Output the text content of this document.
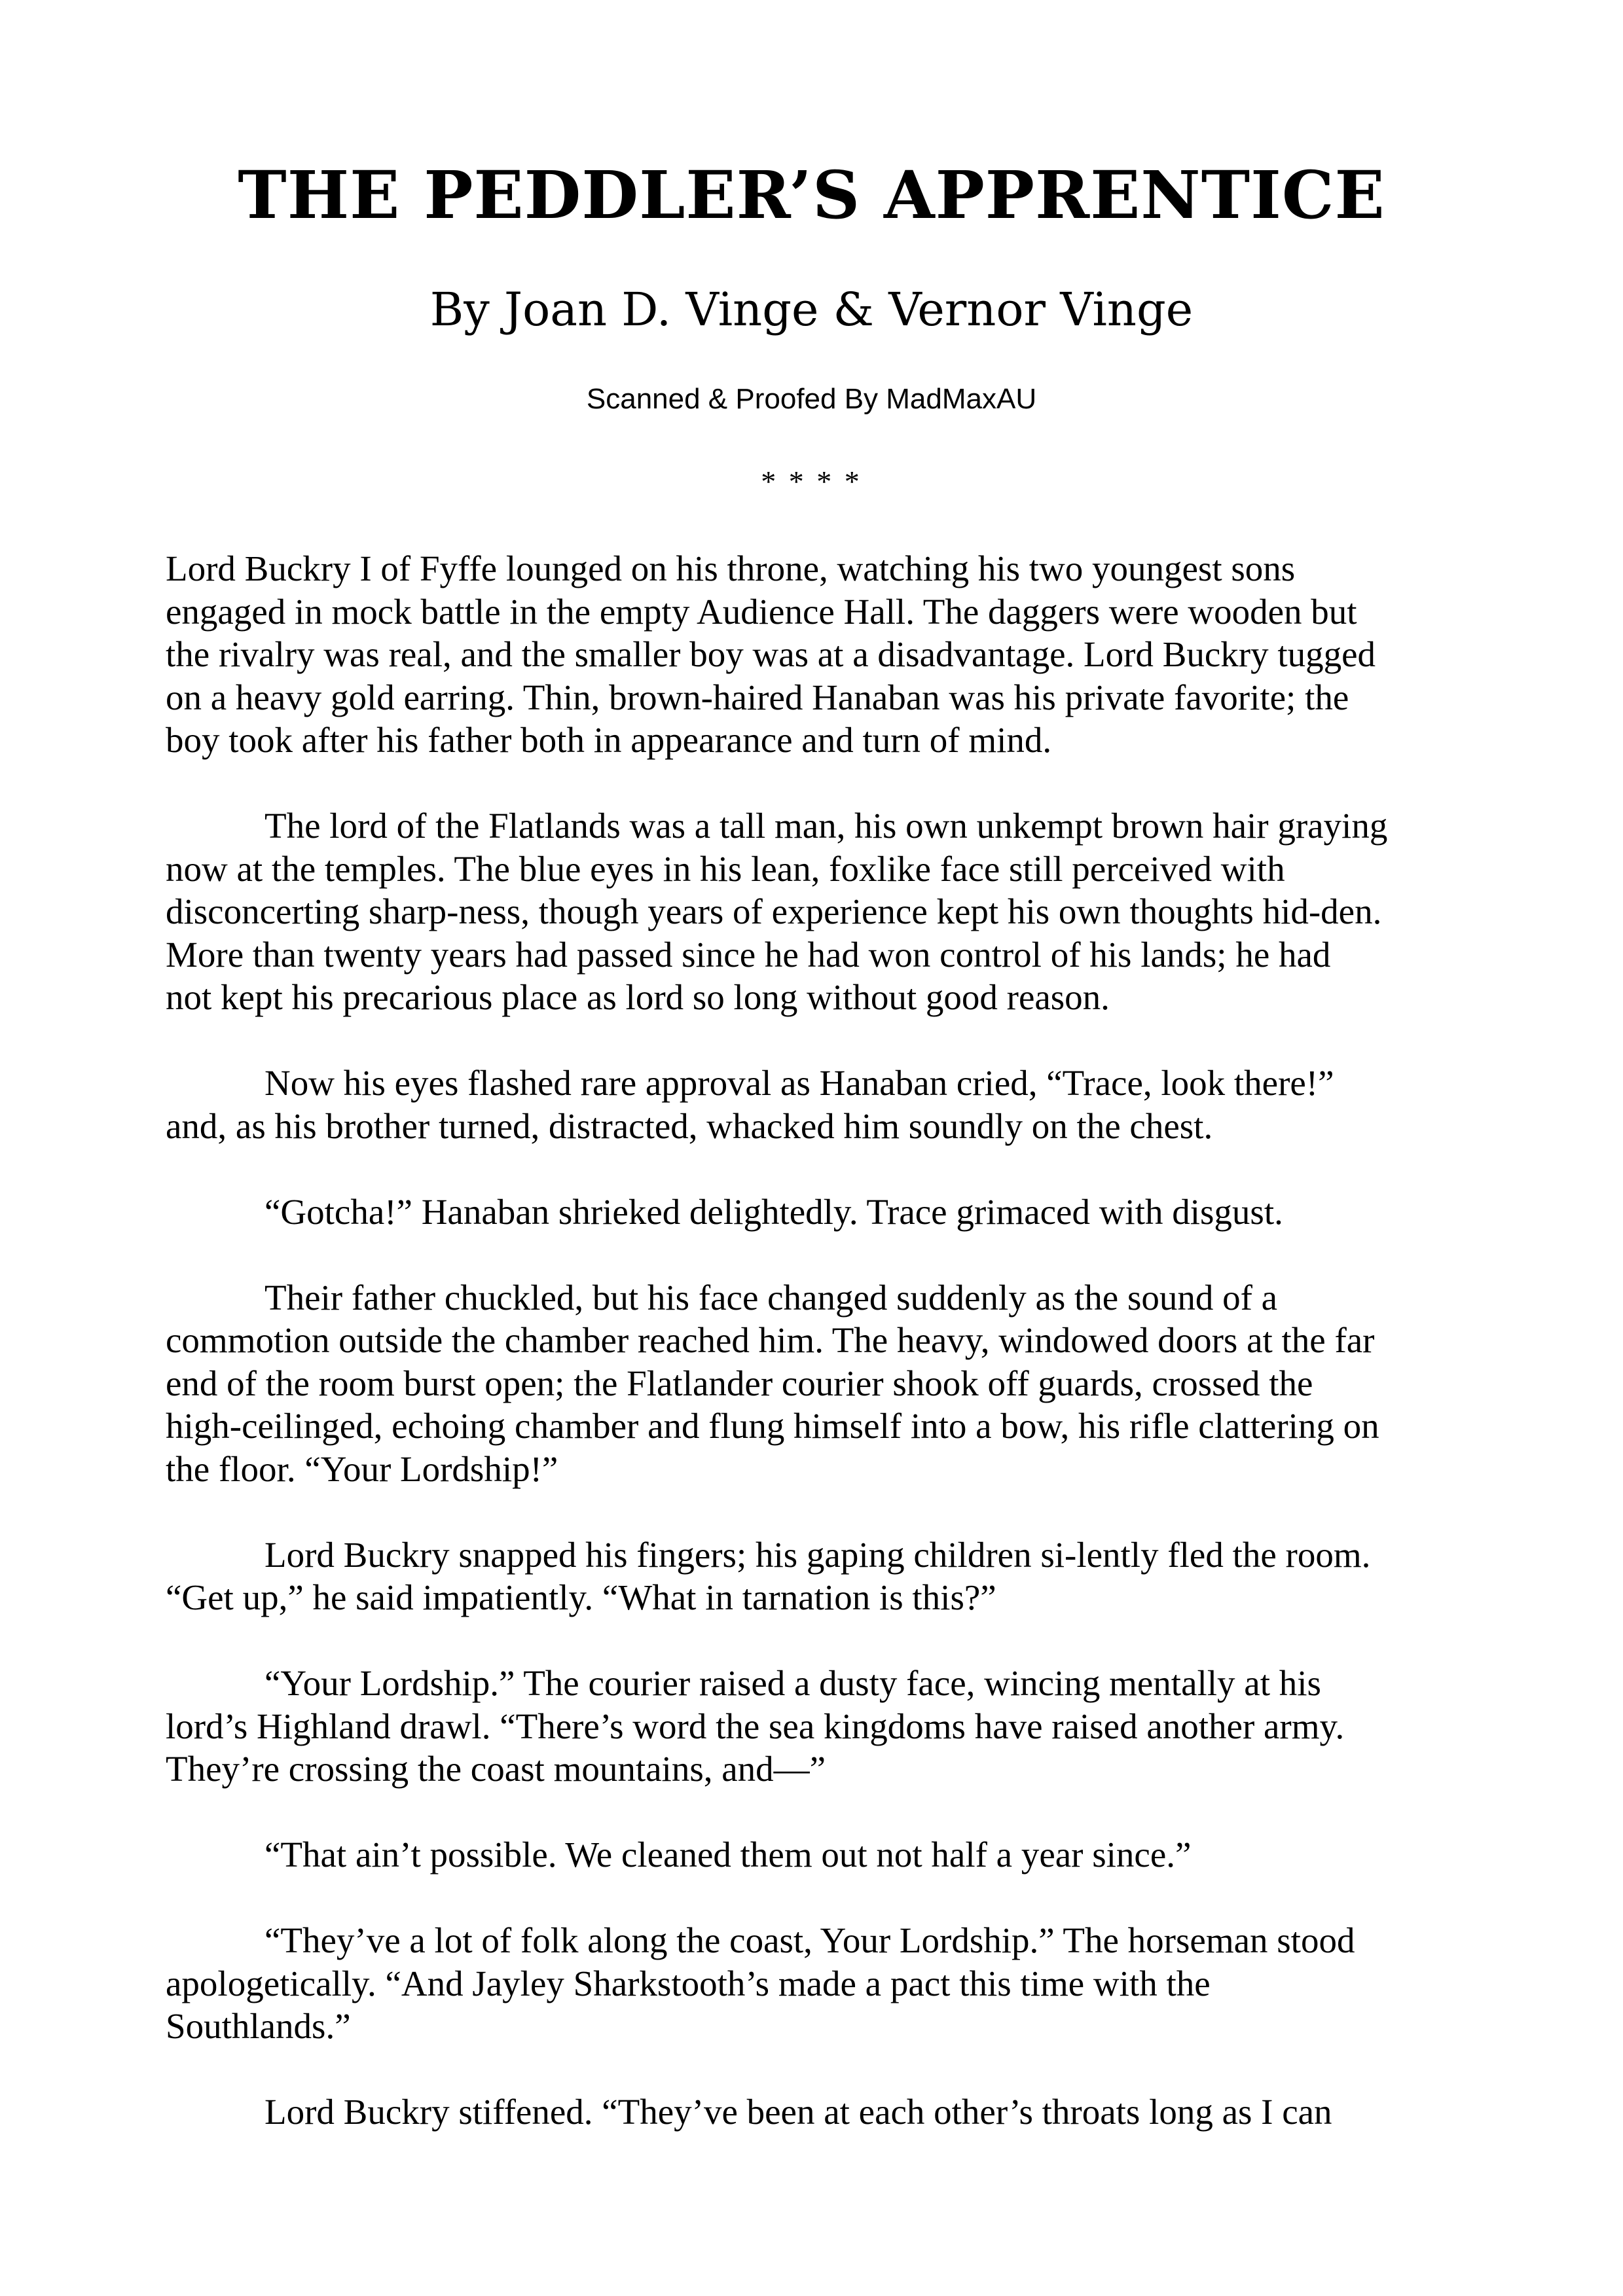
THE PEDDLER’S APPRENTICE
By Joan D. Vinge & Vernor Vinge
Scanned & Proofed By MadMaxAU
* * * *

Lord Buckry I of Fyffe lounged on his throne, watching his two youngest sons
engaged in mock battle in the empty Audience Hall. The daggers were wooden but
the rivalry was real, and the smaller boy was at a disadvantage. Lord Buckry tugged
on a heavy gold earring. Thin, brown-haired Hanaban was his private favorite; the
boy took after his father both in appearance and turn of mind.

The lord of the Flatlands was a tall man, his own unkempt brown hair graying
now at the temples. The blue eyes in his lean, foxlike face still perceived with
disconcerting sharp-ness, though years of experience kept his own thoughts hid-den.
More than twenty years had passed since he had won control of his lands; he had
not kept his precarious place as lord so long without good reason.

Now his eyes flashed rare approval as Hanaban cried, “Trace, look there!”
and, as his brother turned, distracted, whacked him soundly on the chest.

“Gotcha!” Hanaban shrieked delightedly. Trace grimaced with disgust.

Their father chuckled, but his face changed suddenly as the sound of a
commotion outside the chamber reached him. The heavy, windowed doors at the far
end of the room burst open; the Flatlander courier shook off guards, crossed the
high-ceilinged, echoing chamber and flung himself into a bow, his rifle clattering on
the floor. “Your Lordship!”

Lord Buckry snapped his fingers; his gaping children si-lently fled the room.
“Get up,” he said impatiently. “What in tarnation is this?”

“Your Lordship.” The courier raised a dusty face, wincing mentally at his
lord’s Highland drawl. “There’s word the sea kingdoms have raised another army.
They’re crossing the coast mountains, and—”

“That ain’t possible. We cleaned them out not half a year since.”

“They’ve a lot of folk along the coast, Your Lordship.” The horseman stood
apologetically. “And Jayley Sharkstooth’s made a pact this time with the
Southlands.”

Lord Buckry stiffened. “They’ve been at each other’s throats long as I can
